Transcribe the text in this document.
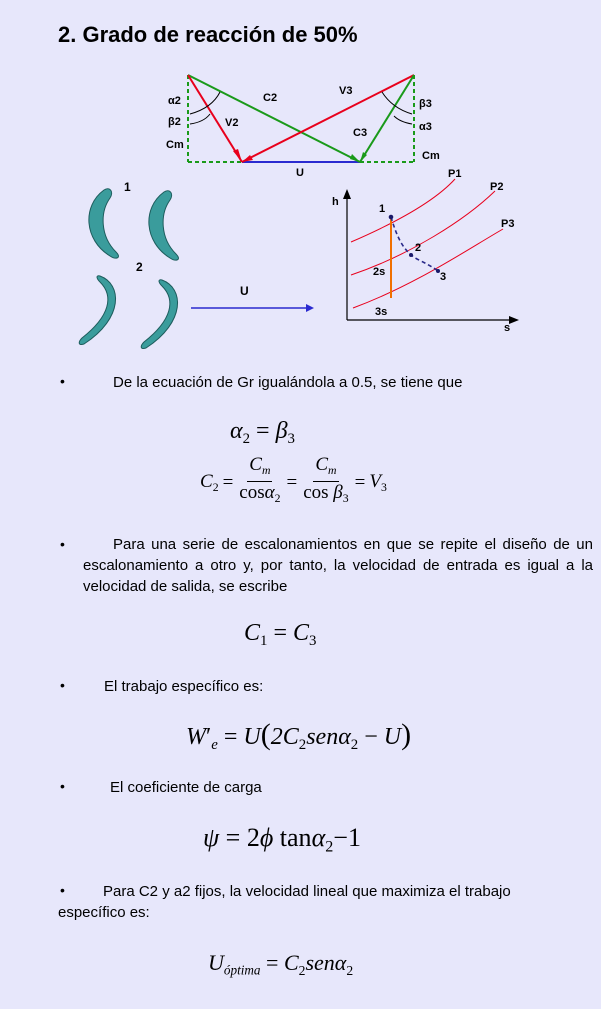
2. Grado de reacción de 50%
α2
β2
Cm
C2
V2
V3
C3
β3
α3
Cm
U
1
2
U
h
s
P1
P2
P3
1
2
2s	3
3s
•	De la ecuación de Gr igualándola a 0.5, se tiene que
$\alpha_2 = \beta_3$
$C_2 = \frac{C_m}{\cos\alpha_2} = \frac{C_m}{\cos \beta_3} = V_3$
•	Para una serie de escalonamientos en que se repite el diseño de un escalonamiento a otro y, por tanto, la velocidad de entrada es igual a la velocidad de salida, se escribe
$C_1 = C_3$
•	El trabajo específico es:
$W'_e = U(2C_2sen\alpha_2 - U)$
•	El coeficiente de carga
ψ = 2ϕ tanα$_2$−1
•	Para C2 y a2 fijos, la velocidad lineal que maximiza el trabajo específico es:
$U_{óptima} = C_2sen\alpha_2$
